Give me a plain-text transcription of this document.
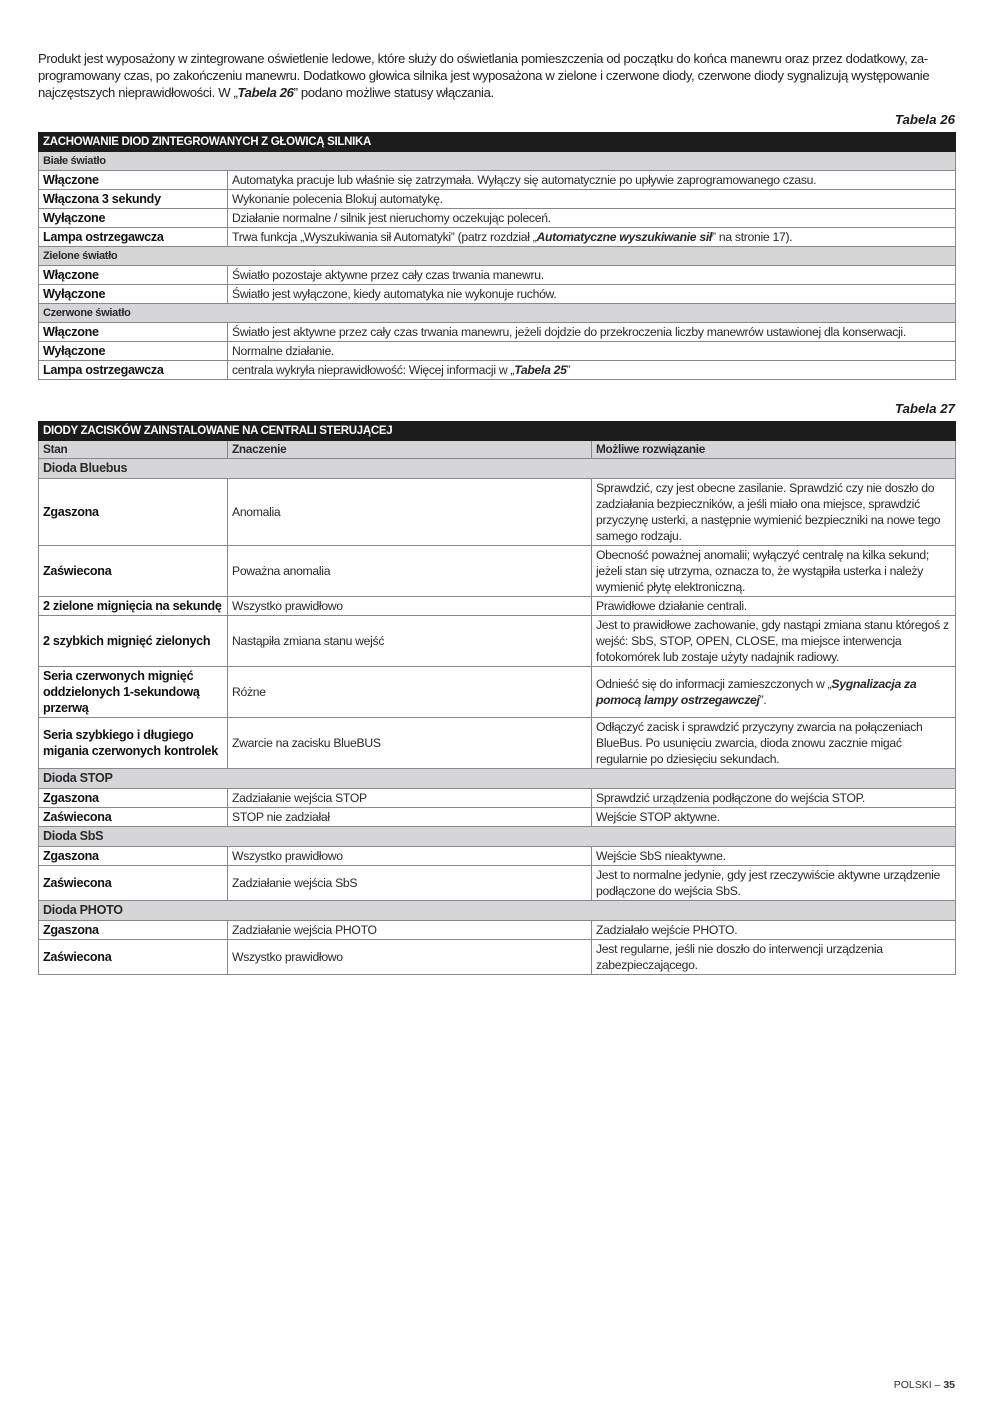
Produkt jest wyposażony w zintegrowane oświetlenie ledowe, które służy do oświetlania pomieszczenia od początku do końca manewru oraz przez dodatkowy, za-programowany czas, po zakończeniu manewru. Dodatkowo głowica silnika jest wyposażona w zielone i czerwone diody, czerwone diody sygnalizują występowanie najczęstszych nieprawidłowości. W „Tabela 26” podano możliwe statusy włączania.

Tabela 26
ZACHOWANIE DIOD ZINTEGROWANYCH Z GŁOWICĄ SILNIKA	
Białe światło	
Włączone	Automatyka pracuje lub właśnie się zatrzymała. Wyłączy się automatycznie po upływie zaprogramowanego czasu.
Włączona 3 sekundy	Wykonanie polecenia Blokuj automatykę.
Wyłączone	Działanie normalne / silnik jest nieruchomy oczekując poleceń.
Lampa ostrzegawcza	Trwa funkcja „Wyszukiwania sił Automatyki” (patrz rozdział „Automatyczne wyszukiwanie sił” na stronie 17).
Zielone światło	
Włączone	Światło pozostaje aktywne przez cały czas trwania manewru.
Wyłączone	Światło jest wyłączone, kiedy automatyka nie wykonuje ruchów.
Czerwone światło	
Włączone	Światło jest aktywne przez cały czas trwania manewru, jeżeli dojdzie do przekroczenia liczby manewrów ustawionej dla konserwacji.
Wyłączone	Normalne działanie.
Lampa ostrzegawcza	centrala wykryła nieprawidłowość: Więcej informacji w „Tabela 25”
Tabela 27
DIODY ZACISKÓW ZAINSTALOWANE NA CENTRALI STERUJĄCEJ		
Stan	Znaczenie	Możliwe rozwiązanie
Dioda Bluebus		
Zgaszona	Anomalia	Sprawdzić, czy jest obecne zasilanie. Sprawdzić czy nie doszło do zadziałania bezpieczników, a jeśli miało ona miejsce, sprawdzić przyczynę usterki, a następnie wymienić bezpieczniki na nowe tego samego rodzaju.
Zaświecona	Poważna anomalia	Obecność poważnej anomalii; wyłączyć centralę na kilka sekund; jeżeli stan się utrzyma, oznacza to, że wystąpiła usterka i należy wymienić płytę elektroniczną.
2 zielone mignięcia na sekundę	Wszystko prawidłowo	Prawidłowe działanie centrali.
2 szybkich mignięć zielonych	Nastąpiła zmiana stanu wejść	Jest to prawidłowe zachowanie, gdy nastąpi zmiana stanu któregoś z wejść: SbS, STOP, OPEN, CLOSE, ma miejsce interwencja fotokomórek lub zostaje użyty nadajnik radiowy.
Seria czerwonych mignięć oddzielonych 1-sekundową przerwą	Różne	Odnieść się do informacji zamieszczonych w „Sygnalizacja za pomocą lampy ostrzegawczej”.
Seria szybkiego i długiego migania czerwonych kontrolek	Zwarcie na zacisku BlueBUS	Odłączyć zacisk i sprawdzić przyczyny zwarcia na połączeniach BlueBus. Po usunięciu zwarcia, dioda znowu zacznie migać regularnie po dziesięciu sekundach.
Dioda STOP		
Zgaszona	Zadziałanie wejścia STOP	Sprawdzić urządzenia podłączone do wejścia STOP.
Zaświecona	STOP nie zadziałał	Wejście STOP aktywne.
Dioda SbS		
Zgaszona	Wszystko prawidłowo	Wejście SbS nieaktywne.
Zaświecona	Zadziałanie wejścia SbS	Jest to normalne jedynie, gdy jest rzeczywiście aktywne urządzenie podłączone do wejścia SbS.
Dioda PHOTO		
Zgaszona	Zadziałanie wejścia PHOTO	Zadziałało wejście PHOTO.
Zaświecona	Wszystko prawidłowo	Jest regularne, jeśli nie doszło do interwencji urządzenia zabezpieczającego.
POLSKI – 35
